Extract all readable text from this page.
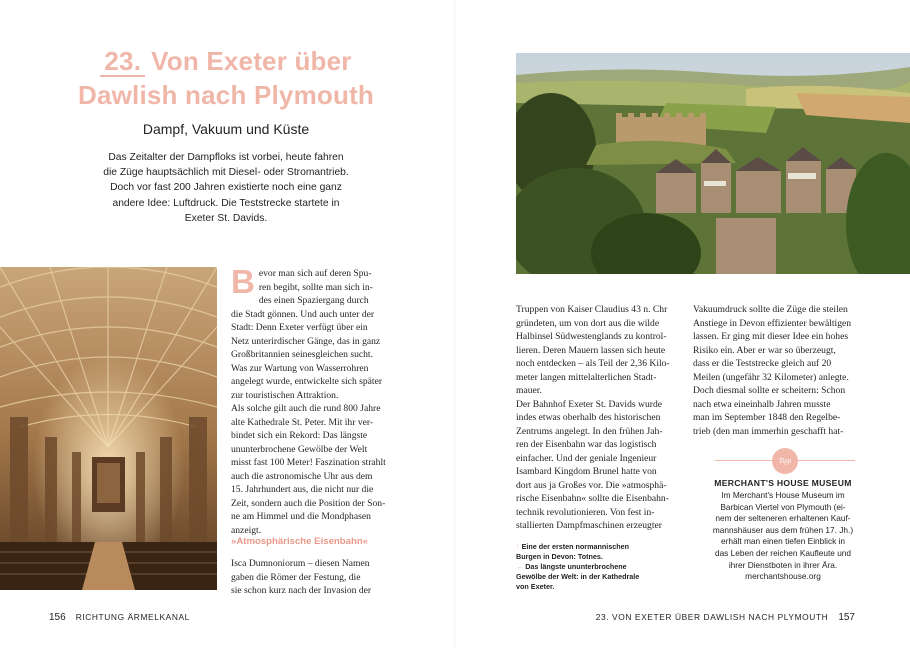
23. Von Exeter über
Dawlish nach Plymouth
Dampf, Vakuum und Küste
Das Zeitalter der Dampfloks ist vorbei, heute fahren
die Züge hauptsächlich mit Diesel- oder Stromantrieb.
Doch vor fast 200 Jahren existierte noch eine ganz
andere Idee: Luftdruck. Die Teststrecke startete in
Exeter St. Davids.
B evor man sich auf deren Spu-
ren begibt, sollte man sich in-
des einen Spaziergang durch
die Stadt gönnen. Und auch unter der
Stadt: Denn Exeter verfügt über ein
Netz unterirdischer Gänge, das in ganz
Großbritannien seinesgleichen sucht.
Was zur Wartung von Wasserrohren
angelegt wurde, entwickelte sich später
zur touristischen Attraktion.
Als solche gilt auch die rund 800 Jahre
alte Kathedrale St. Peter. Mit ihr ver-
bindet sich ein Rekord: Das längste
ununterbrochene Gewölbe der Welt
misst fast 100 Meter! Faszination strahlt
auch die astronomische Uhr aus dem
15. Jahrhundert aus, die nicht nur die
Zeit, sondern auch die Position der Son-
ne am Himmel und die Mondphasen
anzeigt.
»Atmosphärische Eisenbahn«
Isca Dumnoniorum – diesen Namen
gaben die Römer der Festung, die
sie schon kurz nach der Invasion der
Truppen von Kaiser Claudius 43 n. Chr
gründeten, um von dort aus die wilde
Halbinsel Südwestenglands zu kontrol-
lieren. Deren Mauern lassen sich heute
noch entdecken – als Teil der 2,36 Kilo-
meter langen mittelalterlichen Stadt-
mauer.
Der Bahnhof Exeter St. Davids wurde
indes etwas oberhalb des historischen
Zentrums angelegt. In den frühen Jah-
ren der Eisenbahn war das logistisch
einfacher. Und der geniale Ingenieur
Isambard Kingdom Brunel hatte von
dort aus ja Großes vor. Die »atmosphä-
rische Eisenbahn« sollte die Eisenbahn-
technik revolutionieren. Von fest in-
stallierten Dampfmaschinen erzeugter
Vakuumdruck sollte die Züge die steilen
Anstiege in Devon effizienter bewältigen
lassen. Er ging mit dieser Idee ein hohes
Risiko ein. Aber er war so überzeugt,
dass er die Teststrecke gleich auf 20
Meilen (ungefähr 32 Kilometer) anlegte.
Doch diesmal sollte er scheitern: Schon
nach etwa eineinhalb Jahren musste
man im September 1848 den Regelbe-
trieb (den man immerhin geschafft hat-
↑ Eine der ersten normannischen
Burgen in Devon: Totnes.
← Das längste ununterbrochene
Gewölbe der Welt: in der Kathedrale
von Exeter.
Tipp
MERCHANT'S HOUSE MUSEUM
Im Merchant's House Museum im
Barbican Viertel von Plymouth (ei-
nem der selteneren erhaltenen Kauf-
mannshäuser aus dem frühen 17. Jh.)
erhält man einen tiefen Einblick in
das Leben der reichen Kaufleute und
ihrer Dienstboten in ihrer Ära.
merchantshouse.org
156 RICHTUNG ÄRMELKANAL	23. VON EXETER ÜBER DAWLISH NACH PLYMOUTH 157
